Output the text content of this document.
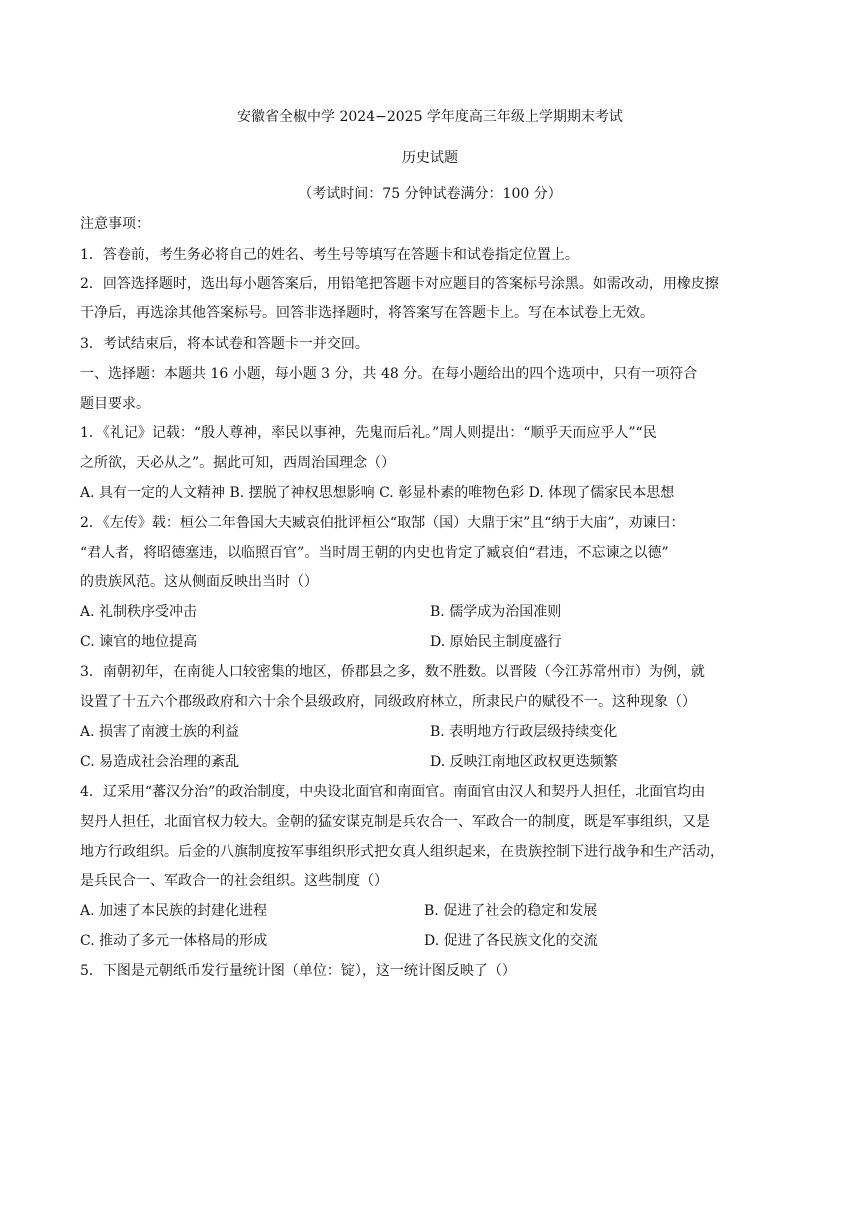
安徽省全椒中学 2024−2025 学年度高三年级上学期期末考试
历史试题
（考试时间：75 分钟试卷满分：100 分）
注意事项：
1．答卷前，考生务必将自己的姓名、考生号等填写在答题卡和试卷指定位置上。
2．回答选择题时，选出每小题答案后，用铅笔把答题卡对应题目的答案标号涂黑。如需改动，用橡皮擦
干净后，再选涂其他答案标号。回答非选择题时，将答案写在答题卡上。写在本试卷上无效。
3．考试结束后，将本试卷和答题卡一并交回。
一、选择题：本题共 16 小题，每小题 3 分，共 48 分。在每小题给出的四个选项中，只有一项符合
题目要求。
1．《礼记》记载：“殷人尊神，率民以事神，先鬼而后礼。”周人则提出：“顺乎天而应乎人”“民
之所欲，天必从之”。据此可知，西周治国理念（）
A. 具有一定的人文精神 B. 摆脱了神权思想影响 C. 彰显朴素的唯物色彩 D. 体现了儒家民本思想
2．《左传》载：桓公二年鲁国大夫臧哀伯批评桓公“取郜（国）大鼎于宋”且“纳于大庙”，劝谏曰：
“君人者，将昭德塞违，以临照百官”。当时周王朝的内史也肯定了臧哀伯“君违，不忘谏之以德”
的贵族风范。这从侧面反映出当时（）
A. 礼制秩序受冲击	B. 儒学成为治国准则
C. 谏官的地位提高	D. 原始民主制度盛行
3．南朝初年，在南徙人口较密集的地区，侨郡县之多，数不胜数。以晋陵（今江苏常州市）为例，就
设置了十五六个郡级政府和六十余个县级政府，同级政府林立，所隶民户的赋役不一。这种现象（）
A. 损害了南渡士族的利益	B. 表明地方行政层级持续变化
C. 易造成社会治理的紊乱	D. 反映江南地区政权更迭频繁
4．辽采用“蕃汉分治”的政治制度，中央设北面官和南面官。南面官由汉人和契丹人担任，北面官均由
契丹人担任，北面官权力较大。金朝的猛安谋克制是兵农合一、军政合一的制度，既是军事组织，又是
地方行政组织。后金的八旗制度按军事组织形式把女真人组织起来，在贵族控制下进行战争和生产活动，
是兵民合一、军政合一的社会组织。这些制度（）
A. 加速了本民族的封建化进程	B. 促进了社会的稳定和发展
C. 推动了多元一体格局的形成	D. 促进了各民族文化的交流
5．下图是元朝纸币发行量统计图（单位：锭），这一统计图反映了（）
